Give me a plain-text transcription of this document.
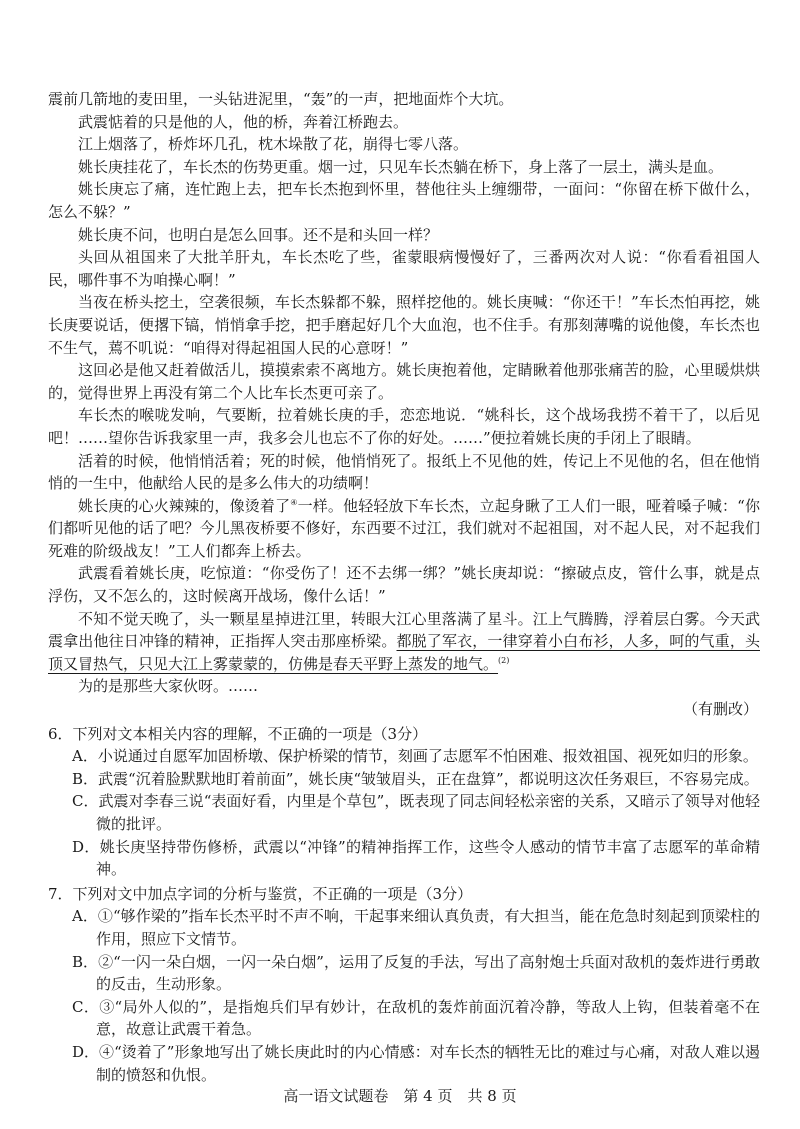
震前几箭地的麦田里，一头钻进泥里，“轰”的一声，把地面炸个大坑。

武震惦着的只是他的人，他的桥，奔着江桥跑去。

江上烟落了，桥炸坏几孔，枕木垛散了花，崩得七零八落。

姚长庚挂花了，车长杰的伤势更重。烟一过，只见车长杰躺在桥下，身上落了一层土，满头是血。

姚长庚忘了痛，连忙跑上去，把车长杰抱到怀里，替他往头上缠绷带，一面问：“你留在桥下做什么，怎么不躲？”

姚长庚不问，也明白是怎么回事。还不是和头回一样？

头回从祖国来了大批羊肝丸，车长杰吃了些，雀蒙眼病慢慢好了，三番两次对人说：“你看看祖国人民，哪件事不为咱操心啊！”

当夜在桥头挖土，空袭很频，车长杰躲都不躲，照样挖他的。姚长庚喊：“你还干！”车长杰怕再挖，姚长庚要说话，便撂下镐，悄悄拿手挖，把手磨起好几个大血泡，也不住手。有那刻薄嘴的说他傻，车长杰也不生气，蔫不叽说：“咱得对得起祖国人民的心意呀！”

这回必是他又赶着做活儿，摸摸索索不离地方。姚长庚抱着他，定睛瞅着他那张痛苦的脸，心里暖烘烘的，觉得世界上再没有第二个人比车长杰更可亲了。

车长杰的喉咙发响，气要断，拉着姚长庚的手，恋恋地说．“姚科长，这个战场我捞不着干了，以后见吧！……望你告诉我家里一声，我多会儿也忘不了你的好处。……”便拉着姚长庚的手闭上了眼睛。

活着的时候，他悄悄活着；死的时候，他悄悄死了。报纸上不见他的姓，传记上不见他的名，但在他悄悄的一生中，他献给人民的是多么伟大的功绩啊！

姚长庚的心火辣辣的，像烫着了④一样。他轻轻放下车长杰，立起身瞅了工人们一眼，哑着嗓子喊：“你们都听见他的话了吧？今儿黑夜桥要不修好，东西要不过江，我们就对不起祖国，对不起人民，对不起我们死难的阶级战友！”工人们都奔上桥去。

武震看着姚长庚，吃惊道：“你受伤了！还不去绑一绑？”姚长庚却说：“擦破点皮，管什么事，就是点浮伤，又不怎么的，这时候离开战场，像什么话！”

不知不觉天晚了，头一颗星星掉进江里，转眼大江心里落满了星斗。江上气腾腾，浮着层白雾。今天武震拿出他往日冲锋的精神，正指挥人突击那座桥梁。都脱了军衣，一律穿着小白布衫，人多，呵的气重，头顶又冒热气，只见大江上雾蒙蒙的，仿佛是春天平野上蒸发的地气。$^{(2)}$

为的是那些大家伙呀。……

（有删改）

6．下列对文本相关内容的理解，不正确的一项是（3分）

A．小说通过自愿军加固桥墩、保护桥梁的情节，刻画了志愿军不怕困难、报效祖国、视死如归的形象。

B．武震“沉着脸默默地盯着前面”，姚长庚“皱皱眉头，正在盘算”，都说明这次任务艰巨，不容易完成。

C．武震对李春三说“表面好看，内里是个草包”，既表现了同志间轻松亲密的关系，又暗示了领导对他轻微的批评。

D．姚长庚坚持带伤修桥，武震以“冲锋”的精神指挥工作，这些令人感动的情节丰富了志愿军的革命精神。

7．下列对文中加点字词的分析与鉴赏，不正确的一项是（3分）

A．①“够作梁的”指车长杰平时不声不响，干起事来细认真负责，有大担当，能在危急时刻起到顶梁柱的作用，照应下文情节。

B．②“一闪一朵白烟，一闪一朵白烟”，运用了反复的手法，写出了高射炮士兵面对敌机的轰炸进行勇敢的反击，生动形象。

C．③“局外人似的”，是指炮兵们早有妙计，在敌机的轰炸前面沉着冷静，等敌人上钩，但装着毫不在意，故意让武震干着急。

D．④“烫着了”形象地写出了姚长庚此时的内心情感：对车长杰的牺牲无比的难过与心痛，对敌人难以遏制的愤怒和仇恨。

高一语文试题卷　第 4 页　共 8 页
